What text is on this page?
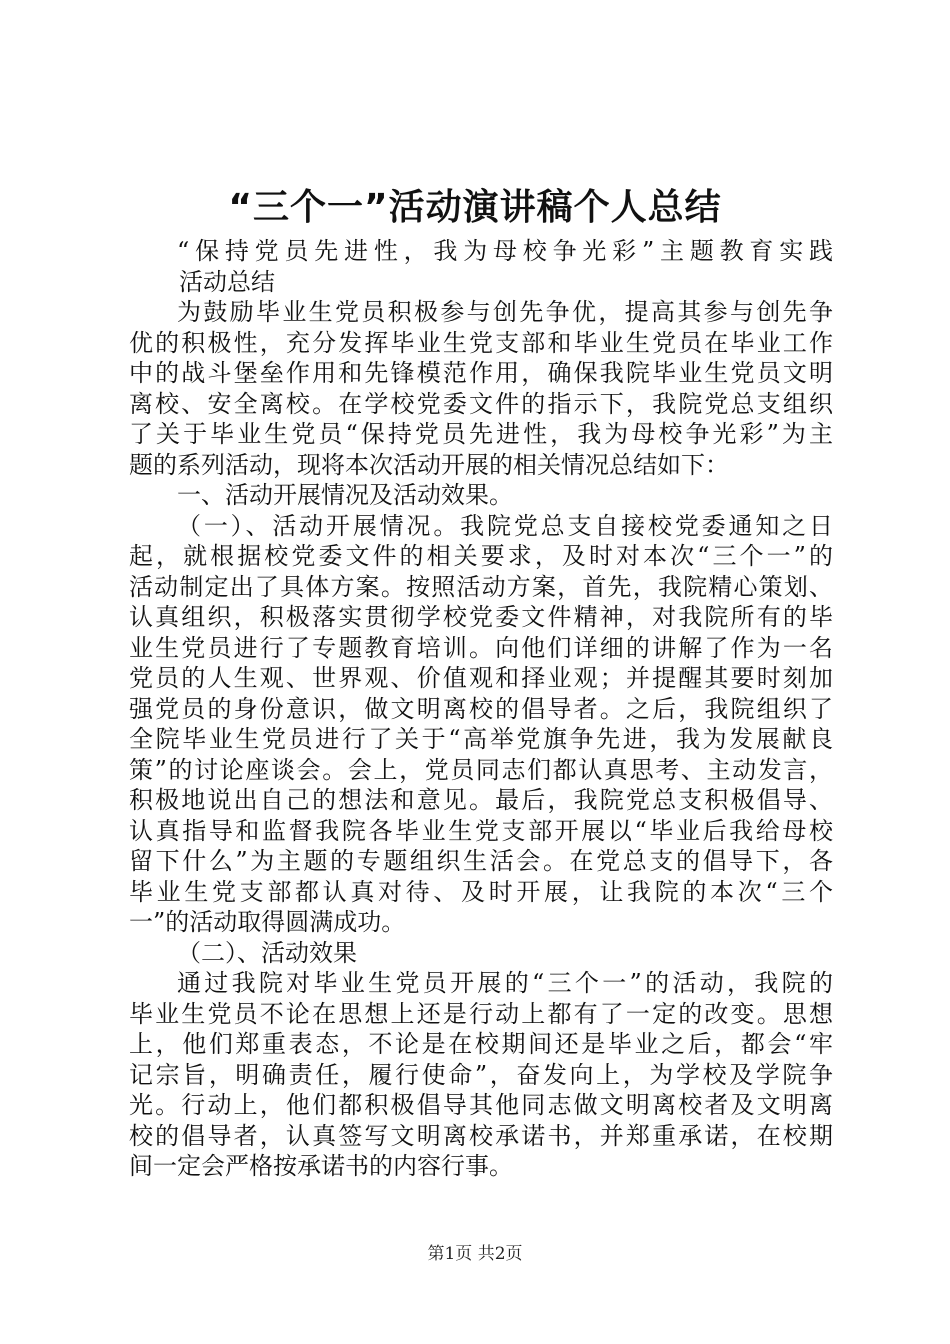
“三个一”活动演讲稿个人总结
“保持党员先进性，我为母校争光彩”主题教育实践
活动总结
为鼓励毕业生党员积极参与创先争优，提高其参与创先争
优的积极性，充分发挥毕业生党支部和毕业生党员在毕业工作
中的战斗堡垒作用和先锋模范作用，确保我院毕业生党员文明
离校、安全离校。在学校党委文件的指示下，我院党总支组织
了关于毕业生党员“保持党员先进性，我为母校争光彩”为主
题的系列活动，现将本次活动开展的相关情况总结如下：
一、活动开展情况及活动效果。
（一）、活动开展情况。我院党总支自接校党委通知之日
起，就根据校党委文件的相关要求，及时对本次“三个一”的
活动制定出了具体方案。按照活动方案，首先，我院精心策划、
认真组织，积极落实贯彻学校党委文件精神，对我院所有的毕
业生党员进行了专题教育培训。向他们详细的讲解了作为一名
党员的人生观、世界观、价值观和择业观；并提醒其要时刻加
强党员的身份意识，做文明离校的倡导者。之后，我院组织了
全院毕业生党员进行了关于“高举党旗争先进，我为发展献良
策”的讨论座谈会。会上，党员同志们都认真思考、主动发言，
积极地说出自己的想法和意见。最后，我院党总支积极倡导、
认真指导和监督我院各毕业生党支部开展以“毕业后我给母校
留下什么”为主题的专题组织生活会。在党总支的倡导下，各
毕业生党支部都认真对待、及时开展，让我院的本次“三个
一”的活动取得圆满成功。
（二）、活动效果
通过我院对毕业生党员开展的“三个一”的活动，我院的
毕业生党员不论在思想上还是行动上都有了一定的改变。思想
上，他们郑重表态，不论是在校期间还是毕业之后，都会“牢
记宗旨，明确责任，履行使命”，奋发向上，为学校及学院争
光。行动上，他们都积极倡导其他同志做文明离校者及文明离
校的倡导者，认真签写文明离校承诺书，并郑重承诺，在校期
间一定会严格按承诺书的内容行事。
第1页 共2页
